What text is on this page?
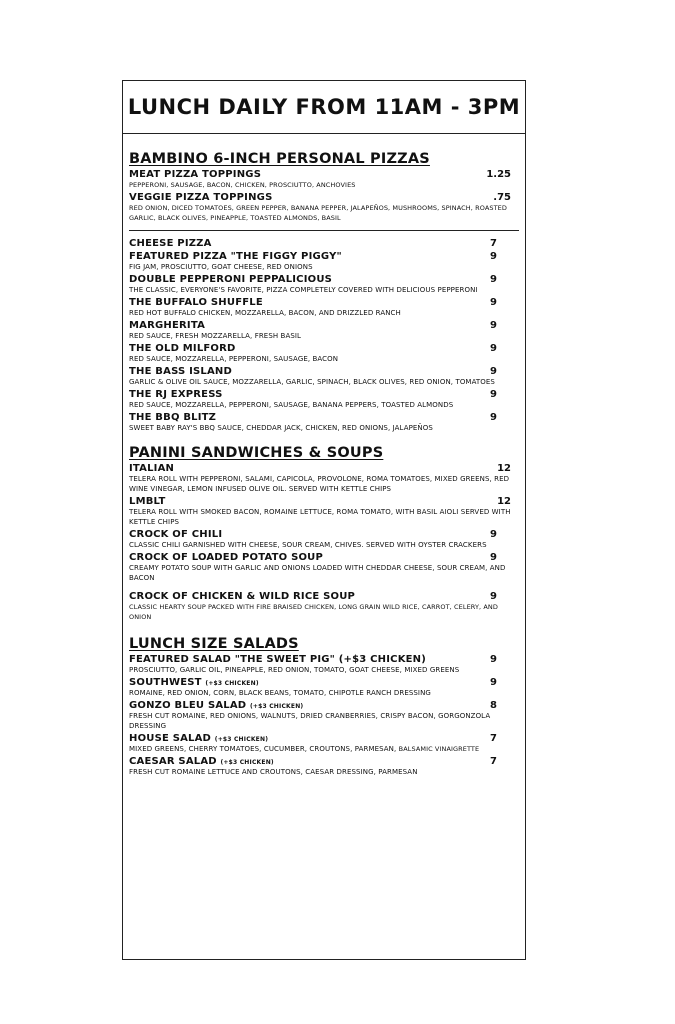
LUNCH DAILY FROM 11AM - 3PM
BAMBINO 6-INCH PERSONAL PIZZAS
MEAT PIZZA TOPPINGS	1.25
PEPPERONI, SAUSAGE, BACON, CHICKEN, PROSCIUTTO, ANCHOVIES
VEGGIE PIZZA TOPPINGS	.75
RED ONION, DICED TOMATOES, GREEN PEPPER, BANANA PEPPER, JALAPEÑOS, MUSHROOMS, SPINACH, ROASTED GARLIC, BLACK OLIVES, PINEAPPLE, TOASTED ALMONDS, BASIL
CHEESE PIZZA	7
FEATURED PIZZA "THE FIGGY PIGGY"	9
FIG JAM, PROSCIUTTO, GOAT CHEESE, RED ONIONS
DOUBLE PEPPERONI PEPPALICIOUS	9
THE CLASSIC, EVERYONE'S FAVORITE, PIZZA COMPLETELY COVERED WITH DELICIOUS PEPPERONI
THE BUFFALO SHUFFLE	9
RED HOT BUFFALO CHICKEN, MOZZARELLA, BACON, AND DRIZZLED RANCH
MARGHERITA	9
RED SAUCE, FRESH MOZZARELLA, FRESH BASIL
THE OLD MILFORD	9
RED SAUCE, MOZZARELLA, PEPPERONI, SAUSAGE, BACON
THE BASS ISLAND	9
GARLIC & OLIVE OIL SAUCE, MOZZARELLA, GARLIC, SPINACH, BLACK OLIVES, RED ONION, TOMATOES
THE RJ EXPRESS	9
RED SAUCE, MOZZARELLA, PEPPERONI, SAUSAGE, BANANA PEPPERS, TOASTED ALMONDS
THE BBQ BLITZ	9
SWEET BABY RAY'S BBQ SAUCE, CHEDDAR JACK, CHICKEN, RED ONIONS, JALAPEÑOS
PANINI SANDWICHES & SOUPS
ITALIAN	12
TELERA ROLL WITH PEPPERONI, SALAMI, CAPICOLA, PROVOLONE, ROMA TOMATOES, MIXED GREENS, RED WINE VINEGAR, LEMON INFUSED OLIVE OIL. SERVED WITH KETTLE CHIPS
LMBLT	12
TELERA ROLL WITH SMOKED BACON, ROMAINE LETTUCE, ROMA TOMATO, WITH BASIL AIOLI SERVED WITH KETTLE CHIPS
CROCK OF CHILI	9
CLASSIC CHILI GARNISHED WITH CHEESE, SOUR CREAM, CHIVES. SERVED WITH OYSTER CRACKERS
CROCK OF LOADED POTATO SOUP	9
CREAMY POTATO SOUP WITH GARLIC AND ONIONS LOADED WITH CHEDDAR CHEESE, SOUR CREAM, AND BACON
CROCK OF CHICKEN & WILD RICE SOUP	9
CLASSIC HEARTY SOUP PACKED WITH FIRE BRAISED CHICKEN, LONG GRAIN WILD RICE, CARROT, CELERY, AND ONION
LUNCH SIZE SALADS
FEATURED SALAD "THE SWEET PIG" (+$3 CHICKEN)	9
PROSCIUTTO, GARLIC OIL, PINEAPPLE, RED ONION, TOMATO, GOAT CHEESE, MIXED GREENS
SOUTHWEST (+$3 CHICKEN)	9
ROMAINE, RED ONION, CORN, BLACK BEANS, TOMATO, CHIPOTLE RANCH DRESSING
GONZO BLEU SALAD (+$3 CHICKEN)	8
FRESH CUT ROMAINE, RED ONIONS, WALNUTS, DRIED CRANBERRIES, CRISPY BACON, GORGONZOLA DRESSING
HOUSE SALAD (+$3 CHICKEN)	7
MIXED GREENS, CHERRY TOMATOES, CUCUMBER, CROUTONS, PARMESAN, BALSAMIC VINAIGRETTE
CAESAR SALAD (+$3 CHICKEN)	7
FRESH CUT ROMAINE LETTUCE AND CROUTONS, CAESAR DRESSING, PARMESAN
